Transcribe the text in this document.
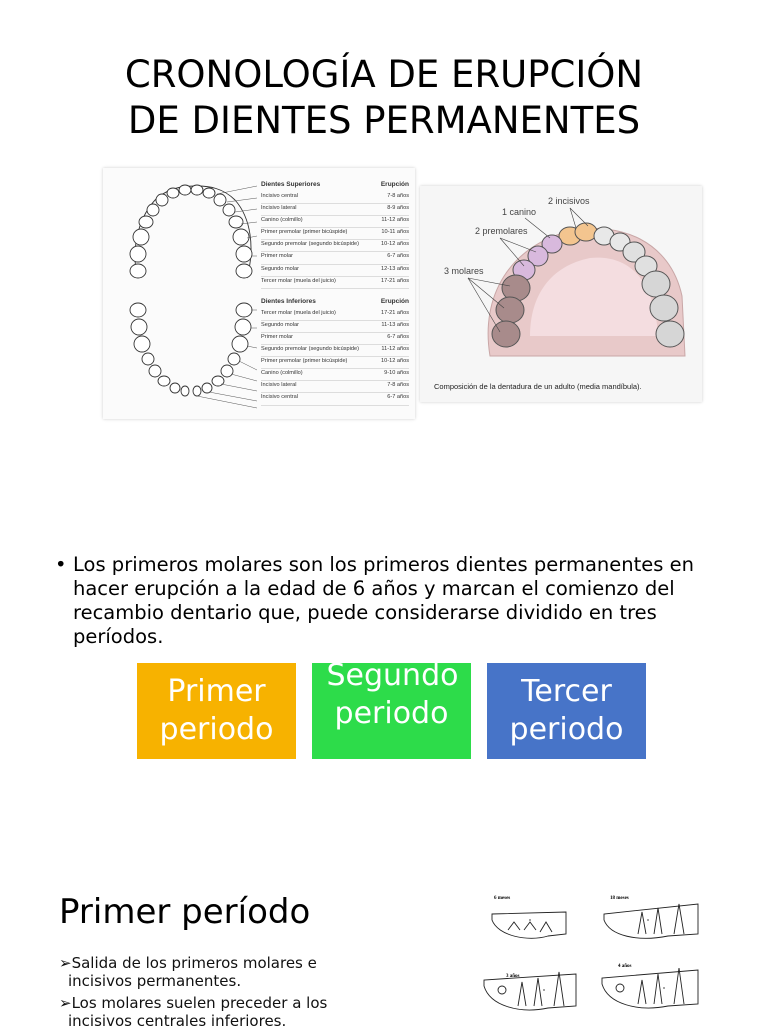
CRONOLOGÍA DE ERUPCIÓN
DE DIENTES PERMANENTES
Dientes Superiores	Erupción
Incisivo central	7-8 años
Incisivo lateral	8-9 años
Canino (colmillo)	11-12 años
Primer premolar (primer bicúspide)	10-11 años
Segundo premolar (segundo bicúspide)	10-12 años
Primer molar	6-7 años
Segundo molar	12-13 años
Tercer molar (muela del juicio)	17-21 años
Dientes Inferiores	Erupción
Tercer molar (muela del juicio)	17-21 años
Segundo molar	11-13 años
Primer molar	6-7 años
Segundo premolar (segundo bicúspide)	11-12 años
Primer premolar (primer bicúspide)	10-12 años
Canino (colmillo)	9-10 años
Incisivo lateral	7-8 años
Incisivo central	6-7 años
2 incisivos
1 canino
2 premolares
3 molares
Composición de la dentadura de un adulto (media mandíbula).
• Los primeros molares son los primeros dientes permanentes en hacer erupción a la edad de 6 años y marcan el comienzo del recambio dentario que, puede considerarse dividido en tres períodos.
Primer periodo
Segundo periodo
Tercer periodo
Primer período
➢Salida de los primeros molares e incisivos permanentes.
➢Los molares suelen preceder a los incisivos centrales inferiores.
6 meses	18 meses
3 años
4 años
